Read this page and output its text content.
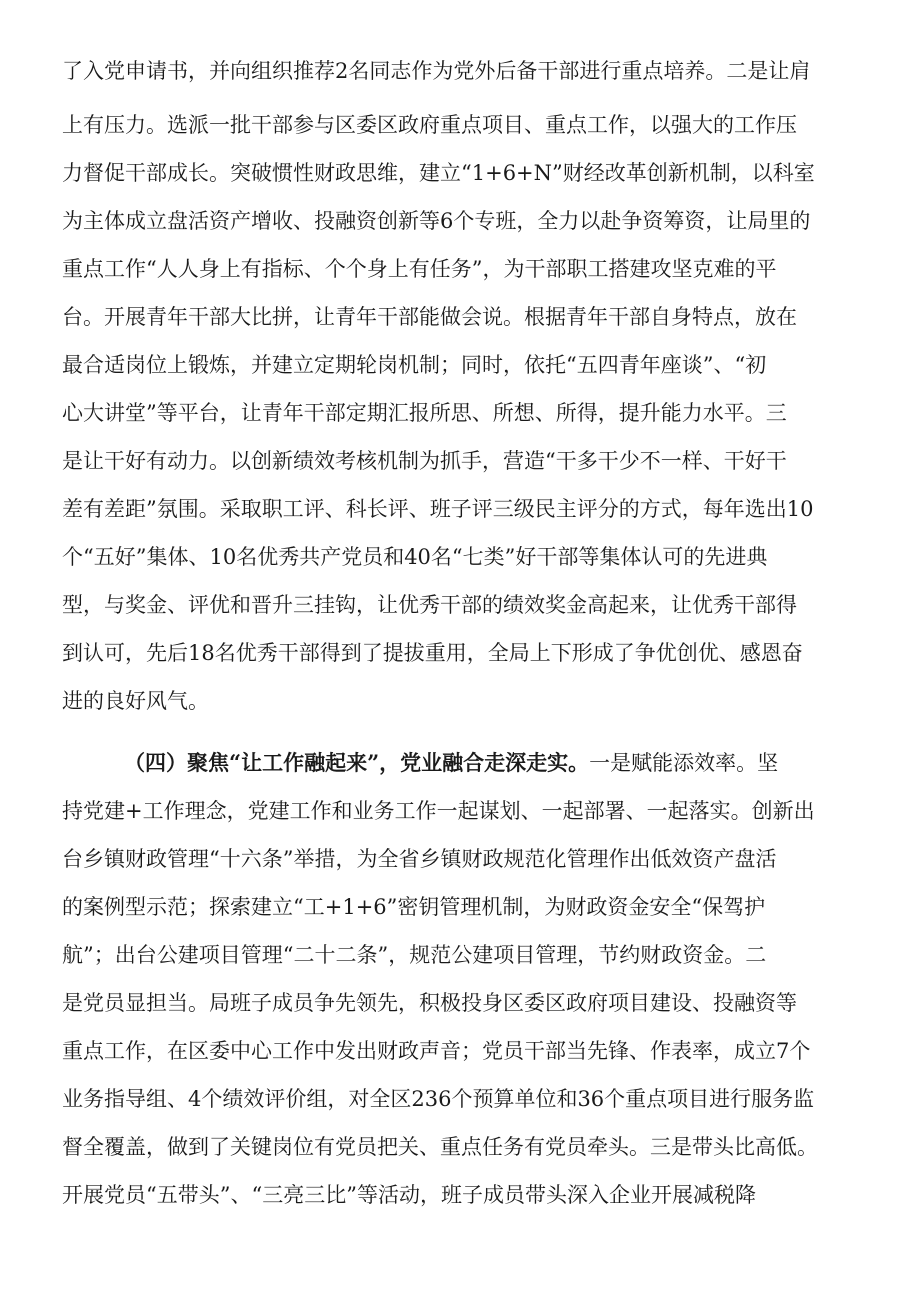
了入党申请书，并向组织推荐2名同志作为党外后备干部进行重点培养。二是让肩
上有压力。选派一批干部参与区委区政府重点项目、重点工作，以强大的工作压
力督促干部成长。突破惯性财政思维，建立“1+6+N”财经改革创新机制，以科室
为主体成立盘活资产增收、投融资创新等6个专班，全力以赴争资筹资，让局里的
重点工作“人人身上有指标、个个身上有任务”，为干部职工搭建攻坚克难的平
台。开展青年干部大比拼，让青年干部能做会说。根据青年干部自身特点，放在
最合适岗位上锻炼，并建立定期轮岗机制；同时，依托“五四青年座谈”、“初
心大讲堂”等平台，让青年干部定期汇报所思、所想、所得，提升能力水平。三
是让干好有动力。以创新绩效考核机制为抓手，营造“干多干少不一样、干好干
差有差距”氛围。采取职工评、科长评、班子评三级民主评分的方式，每年选出10
个“五好”集体、10名优秀共产党员和40名“七类”好干部等集体认可的先进典
型，与奖金、评优和晋升三挂钩，让优秀干部的绩效奖金高起来，让优秀干部得
到认可，先后18名优秀干部得到了提拔重用，全局上下形成了争优创优、感恩奋
进的良好风气。
（四）聚焦“让工作融起来”，党业融合走深走实。一是赋能添效率。坚
持党建+工作理念，党建工作和业务工作一起谋划、一起部署、一起落实。创新出
台乡镇财政管理“十六条”举措，为全省乡镇财政规范化管理作出低效资产盘活
的案例型示范；探索建立“工+1+6”密钥管理机制，为财政资金安全“保驾护
航”；出台公建项目管理“二十二条”，规范公建项目管理，节约财政资金。二
是党员显担当。局班子成员争先领先，积极投身区委区政府项目建设、投融资等
重点工作，在区委中心工作中发出财政声音；党员干部当先锋、作表率，成立7个
业务指导组、4个绩效评价组，对全区236个预算单位和36个重点项目进行服务监
督全覆盖，做到了关键岗位有党员把关、重点任务有党员牵头。三是带头比高低。
开展党员“五带头”、“三亮三比”等活动，班子成员带头深入企业开展减税降
